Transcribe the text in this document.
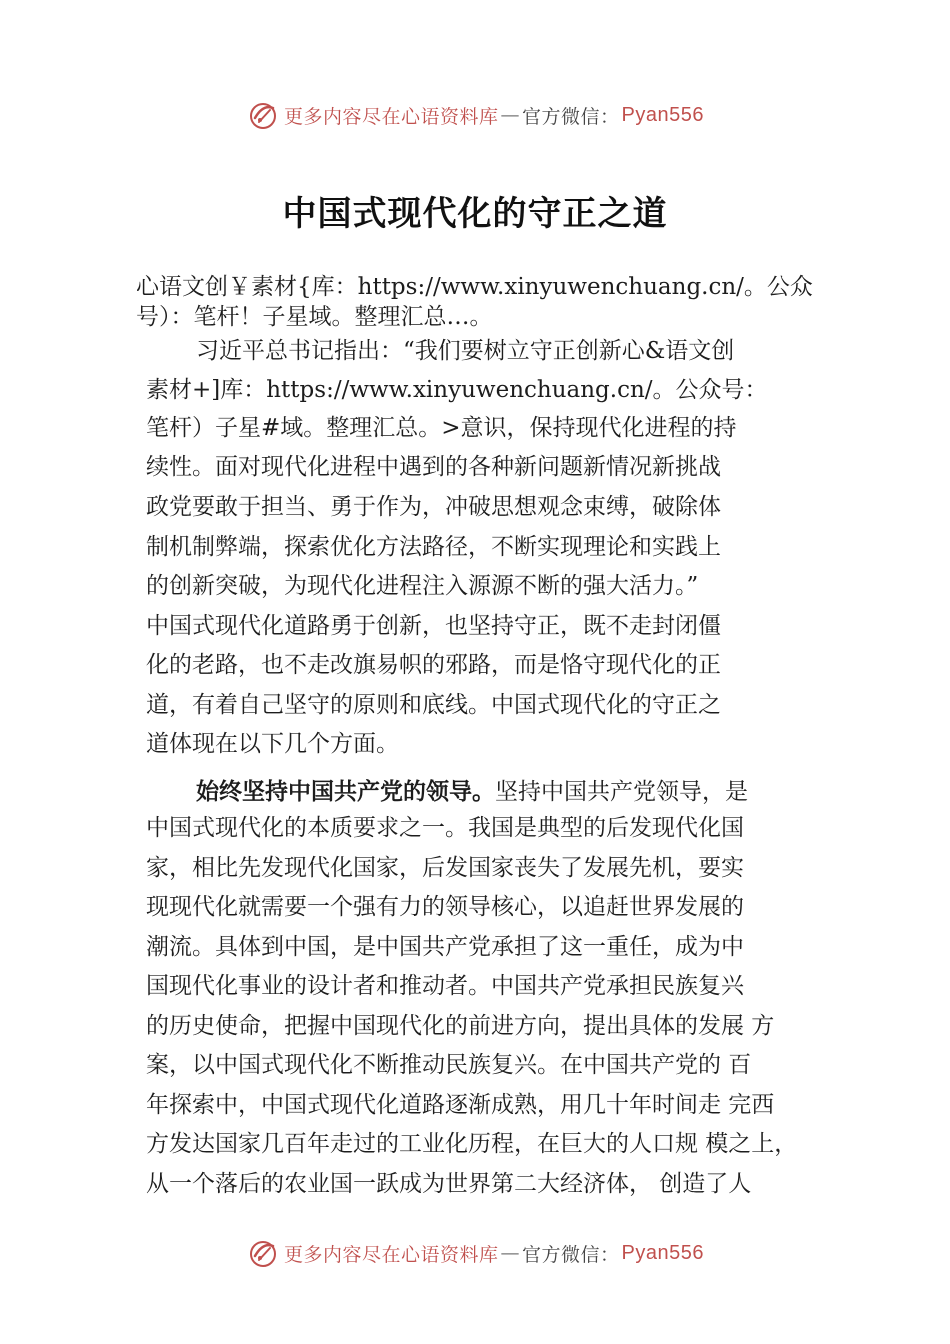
更多内容尽在心语资料库 — 官方微信 ： Pyan556
中国式现代化的守正之道
心语文创￥素材{库：https://www.xinyuwenchuang.cn/。公众
号）：笔杆！子星域。整理汇总…。
习近平总书记指出：“我们要树立守正创新心&语文创
素材+]库：https://www.xinyuwenchuang.cn/。公众号：
笔杆）子星#域。整理汇总。>意识，保持现代化进程的持
续性。面对现代化进程中遇到的各种新问题新情况新挑战
政党要敢于担当、勇于作为，冲破思想观念束缚，破除体
制机制弊端，探索优化方法路径，不断实现理论和实践上
的创新突破，为现代化进程注入源源不断的强大活力。”
中国式现代化道路勇于创新，也坚持守正，既不走封闭僵
化的老路，也不走改旗易帜的邪路，而是恪守现代化的正
道，有着自己坚守的原则和底线。中国式现代化的守正之
道体现在以下几个方面。
始终坚持中国共产党的领导。坚持中国共产党领导，是
中国式现代化的本质要求之一。我国是典型的后发现代化国
家，相比先发现代化国家，后发国家丧失了发展先机，要实
现现代化就需要一个强有力的领导核心，以追赶世界发展的
潮流。具体到中国，是中国共产党承担了这一重任，成为中
国现代化事业的设计者和推动者。中国共产党承担民族复兴
的历史使命，把握中国现代化的前进方向，提出具体的发展 方
案，以中国式现代化不断推动民族复兴。在中国共产党的 百
年探索中，中国式现代化道路逐渐成熟，用几十年时间走 完西
方发达国家几百年走过的工业化历程，在巨大的人口规 模之上，
从一个落后的农业国一跃成为世界第二大经济体， 创造了人
更多内容尽在心语资料库 — 官方微信 ： Pyan556
